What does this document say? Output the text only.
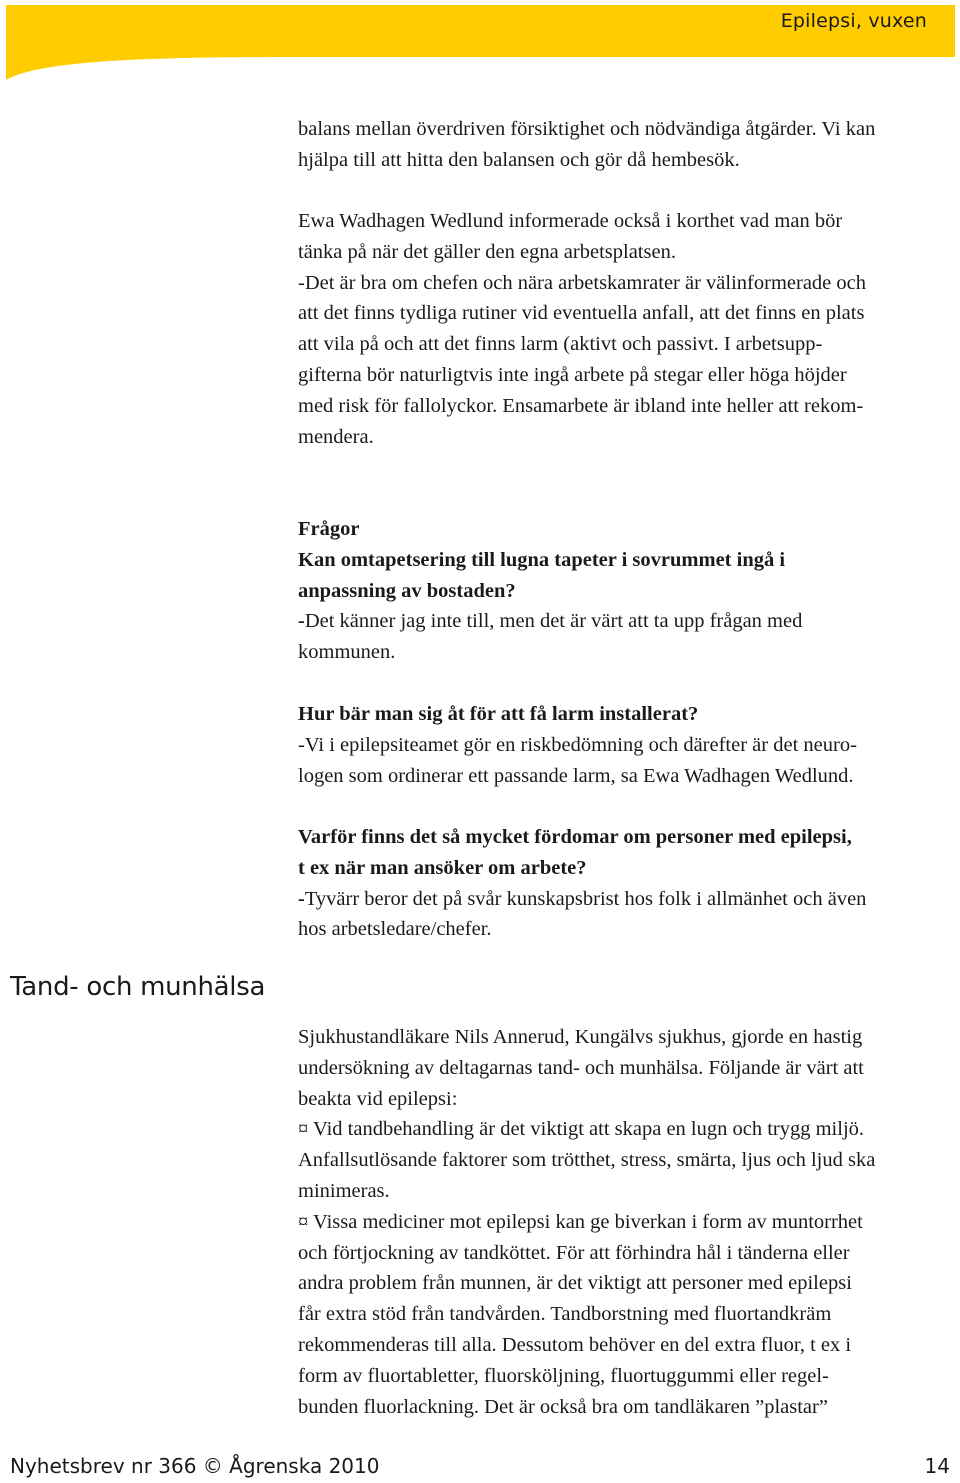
Epilepsi, vuxen

balans mellan överdriven försiktighet och nödvändiga åtgärder. Vi kan

hjälpa till att hitta den balansen och gör då hembesök.

Ewa Wadhagen Wedlund informerade också i korthet vad man bör

tänka på när det gäller den egna arbetsplatsen.

-Det är bra om chefen och nära arbetskamrater är välinformerade och

att det finns tydliga rutiner vid eventuella anfall, att det finns en plats

att vila på och att det finns larm (aktivt och passivt. I arbetsupp-

gifterna bör naturligtvis inte ingå arbete på stegar eller höga höjder

med risk för fallolyckor. Ensamarbete är ibland inte heller att rekom-

mendera.

Frågor

Kan omtapetsering till lugna tapeter i sovrummet ingå i

anpassning av bostaden?

-Det känner jag inte till, men det är värt att ta upp frågan med

kommunen.

Hur bär man sig åt för att få larm installerat?

-Vi i epilepsiteamet gör en riskbedömning och därefter är det neuro-

logen som ordinerar ett passande larm, sa Ewa Wadhagen Wedlund.

Varför finns det så mycket fördomar om personer med epilepsi,

t ex när man ansöker om arbete?

-Tyvärr beror det på svår kunskapsbrist hos folk i allmänhet och även

hos arbetsledare/chefer.

Tand- och munhälsa

Sjukhustandläkare Nils Annerud, Kungälvs sjukhus, gjorde en hastig

undersökning av deltagarnas tand- och munhälsa. Följande är värt att

beakta vid epilepsi:

¤ Vid tandbehandling är det viktigt att skapa en lugn och trygg miljö.

Anfallsutlösande faktorer som trötthet, stress, smärta, ljus och ljud ska

minimeras.

¤ Vissa mediciner mot epilepsi kan ge biverkan i form av muntorrhet

och förtjockning av tandköttet. För att förhindra hål i tänderna eller

andra problem från munnen, är det viktigt att personer med epilepsi

får extra stöd från tandvården. Tandborstning med fluortandkräm

rekommenderas till alla. Dessutom behöver en del extra fluor, t ex i

form av fluortabletter, fluorsköljning, fluortuggummi eller regel-

bunden fluorlackning. Det är också bra om tandläkaren ”plastar”

Nyhetsbrev nr 366 © Ågrenska 2010	14
